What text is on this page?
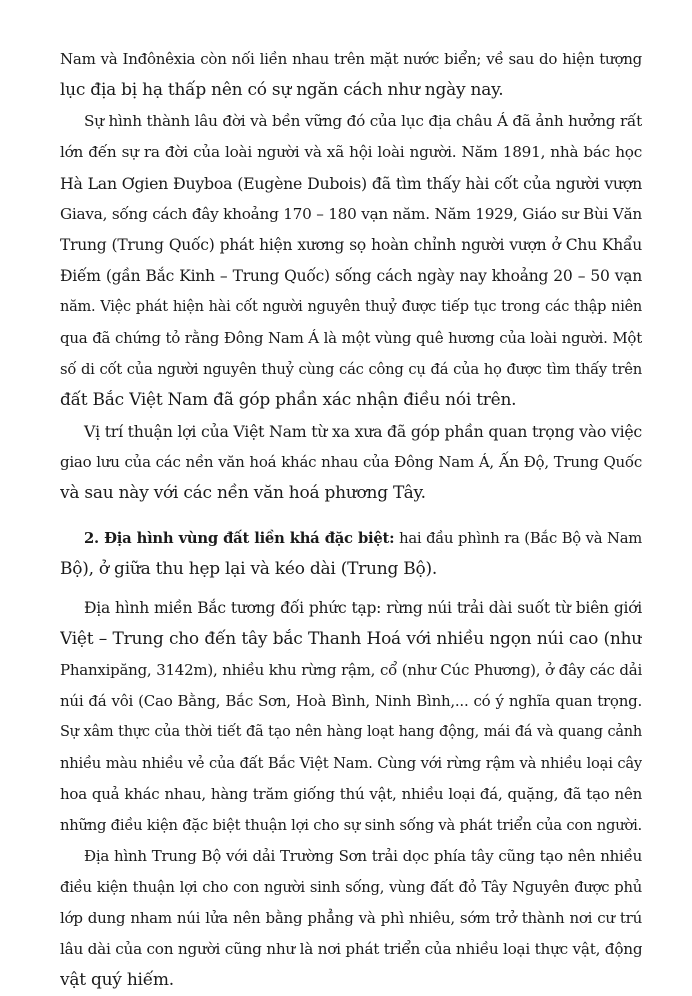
Nam và Inđônêxia còn nối liền nhau trên mặt nước biển; về sau do hiện tượng
lục địa bị hạ thấp nên có sự ngăn cách như ngày nay.
Sự hình thành lâu đời và bền vững đó của lục địa châu Á đã ảnh hưởng rất
lớn đến sự ra đời của loài người và xã hội loài người. Năm 1891, nhà bác học
Hà Lan Ơgien Đuyboa (Eugène Dubois) đã tìm thấy hài cốt của người vượn
Giava, sống cách đây khoảng 170 – 180 vạn năm. Năm 1929, Giáo sư Bùi Văn
Trung (Trung Quốc) phát hiện xương sọ hoàn chỉnh người vượn ở Chu Khẩu
Điếm (gần Bắc Kinh – Trung Quốc) sống cách ngày nay khoảng 20 – 50 vạn
năm. Việc phát hiện hài cốt người nguyên thuỷ được tiếp tục trong các thập niên
qua đã chứng tỏ rằng Đông Nam Á là một vùng quê hương của loài người. Một
số di cốt của người nguyên thuỷ cùng các công cụ đá của họ được tìm thấy trên
đất Bắc Việt Nam đã góp phần xác nhận điều nói trên.
Vị trí thuận lợi của Việt Nam từ xa xưa đã góp phần quan trọng vào việc
giao lưu của các nền văn hoá khác nhau của Đông Nam Á, Ấn Độ, Trung Quốc
và sau này với các nền văn hoá phương Tây.
2. Địa hình vùng đất liền khá đặc biệt: hai đầu phình ra (Bắc Bộ và Nam
Bộ), ở giữa thu hẹp lại và kéo dài (Trung Bộ).
Địa hình miền Bắc tương đối phức tạp: rừng núi trải dài suốt từ biên giới
Việt – Trung cho đến tây bắc Thanh Hoá với nhiều ngọn núi cao (như
Phanxipăng, 3142m), nhiều khu rừng rậm, cổ (như Cúc Phương), ở đây các dải
núi đá vôi (Cao Bằng, Bắc Sơn, Hoà Bình, Ninh Bình,... có ý nghĩa quan trọng.
Sự xâm thực của thời tiết đã tạo nên hàng loạt hang động, mái đá và quang cảnh
nhiều màu nhiều vẻ của đất Bắc Việt Nam. Cùng với rừng rậm và nhiều loại cây
hoa quả khác nhau, hàng trăm giống thú vật, nhiều loại đá, quặng, đã tạo nên
những điều kiện đặc biệt thuận lợi cho sự sinh sống và phát triển của con người.
Địa hình Trung Bộ với dải Trường Sơn trải dọc phía tây cũng tạo nên nhiều
điều kiện thuận lợi cho con người sinh sống, vùng đất đỏ Tây Nguyên được phủ
lớp dung nham núi lửa nên bằng phẳng và phì nhiêu, sớm trở thành nơi cư trú
lâu dài của con người cũng như là nơi phát triển của nhiều loại thực vật, động
vật quý hiếm.
